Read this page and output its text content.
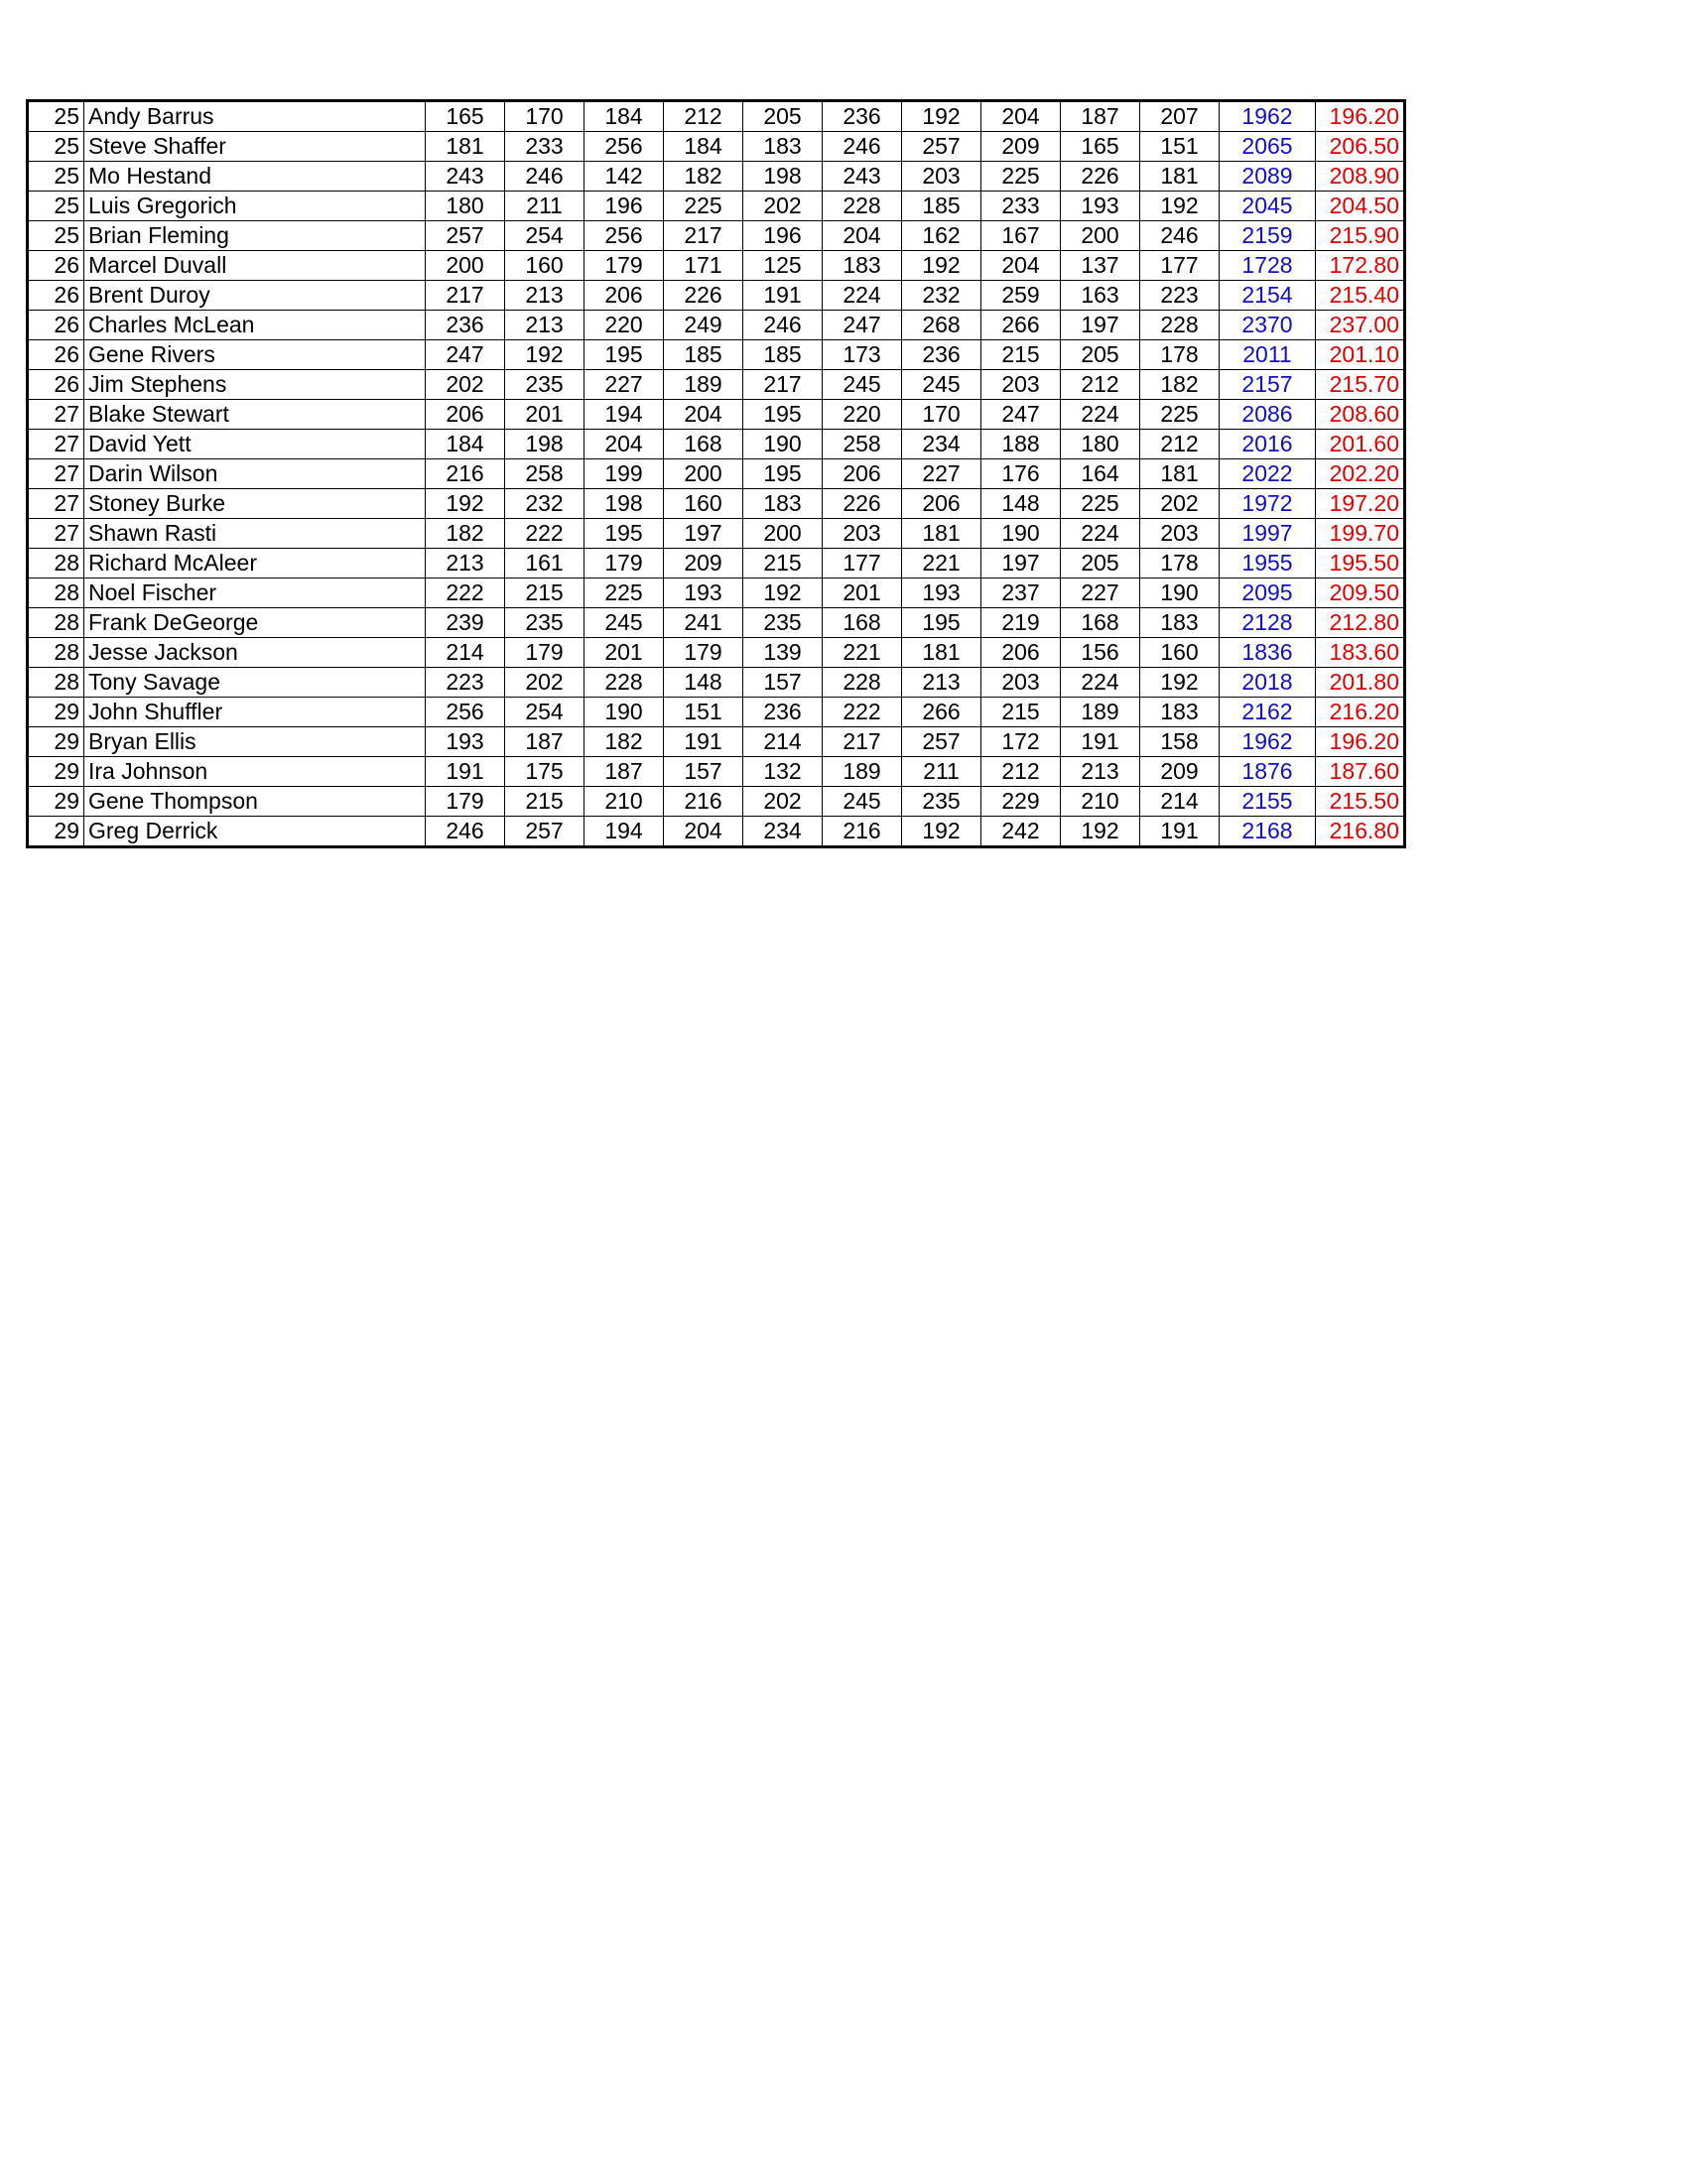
25	Andy Barrus	165	170	184	212	205	236	192	204	187	207	1962	196.20
25	Steve Shaffer	181	233	256	184	183	246	257	209	165	151	2065	206.50
25	Mo Hestand	243	246	142	182	198	243	203	225	226	181	2089	208.90
25	Luis Gregorich	180	211	196	225	202	228	185	233	193	192	2045	204.50
25	Brian Fleming	257	254	256	217	196	204	162	167	200	246	2159	215.90
26	Marcel Duvall	200	160	179	171	125	183	192	204	137	177	1728	172.80
26	Brent Duroy	217	213	206	226	191	224	232	259	163	223	2154	215.40
26	Charles McLean	236	213	220	249	246	247	268	266	197	228	2370	237.00
26	Gene Rivers	247	192	195	185	185	173	236	215	205	178	2011	201.10
26	Jim Stephens	202	235	227	189	217	245	245	203	212	182	2157	215.70
27	Blake Stewart	206	201	194	204	195	220	170	247	224	225	2086	208.60
27	David Yett	184	198	204	168	190	258	234	188	180	212	2016	201.60
27	Darin Wilson	216	258	199	200	195	206	227	176	164	181	2022	202.20
27	Stoney Burke	192	232	198	160	183	226	206	148	225	202	1972	197.20
27	Shawn Rasti	182	222	195	197	200	203	181	190	224	203	1997	199.70
28	Richard McAleer	213	161	179	209	215	177	221	197	205	178	1955	195.50
28	Noel Fischer	222	215	225	193	192	201	193	237	227	190	2095	209.50
28	Frank DeGeorge	239	235	245	241	235	168	195	219	168	183	2128	212.80
28	Jesse Jackson	214	179	201	179	139	221	181	206	156	160	1836	183.60
28	Tony Savage	223	202	228	148	157	228	213	203	224	192	2018	201.80
29	John Shuffler	256	254	190	151	236	222	266	215	189	183	2162	216.20
29	Bryan Ellis	193	187	182	191	214	217	257	172	191	158	1962	196.20
29	Ira Johnson	191	175	187	157	132	189	211	212	213	209	1876	187.60
29	Gene Thompson	179	215	210	216	202	245	235	229	210	214	2155	215.50
29	Greg Derrick	246	257	194	204	234	216	192	242	192	191	2168	216.80
